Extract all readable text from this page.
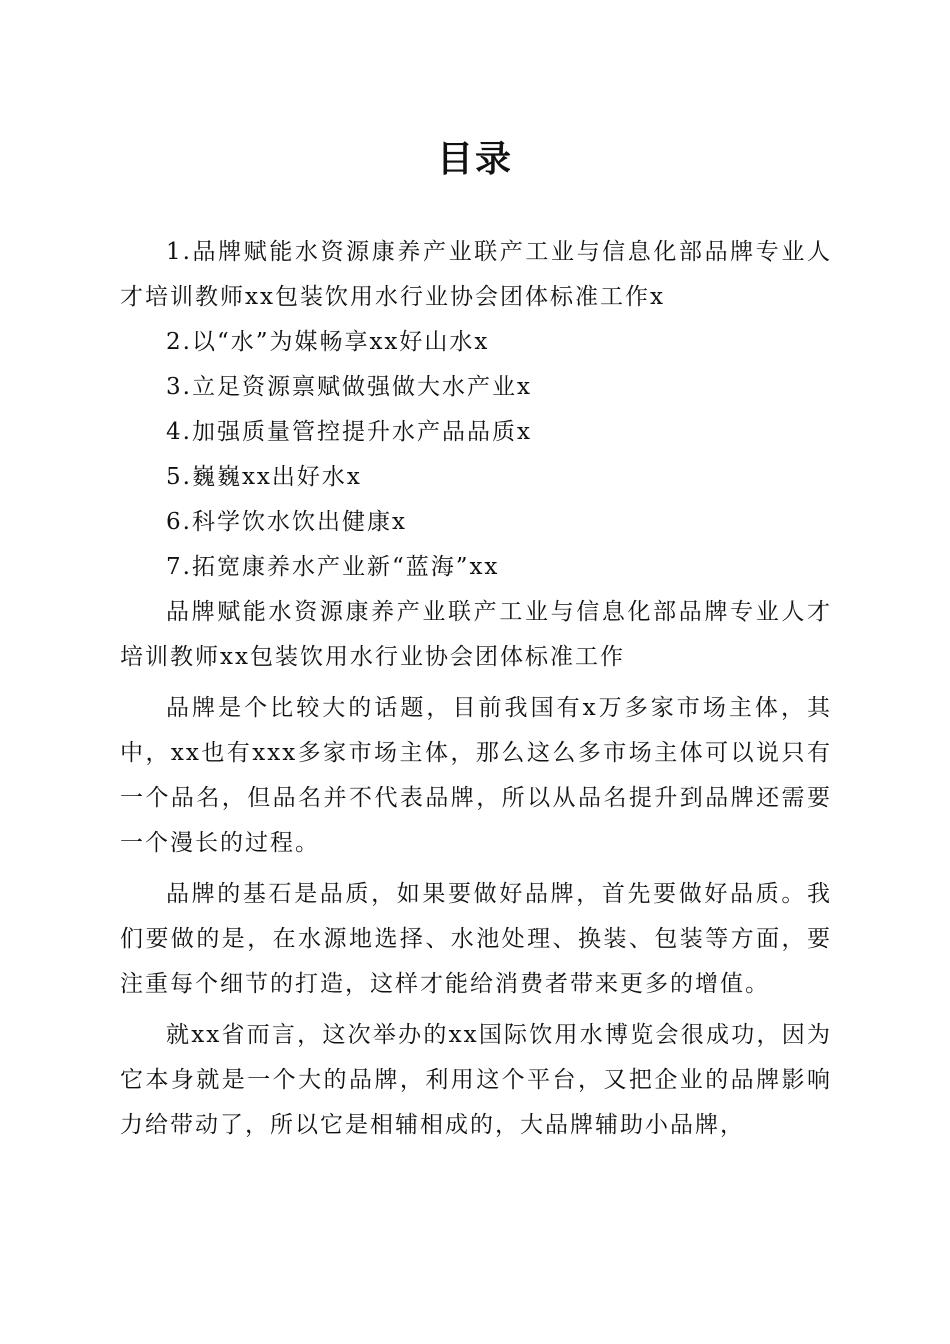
目录

1.品牌赋能水资源康养产业联产工业与信息化部品牌专业人才培训教师xx包装饮用水行业协会团体标准工作x

2.以“水”为媒畅享xx好山水x

3.立足资源禀赋做强做大水产业x

4.加强质量管控提升水产品品质x

5.巍巍xx出好水x

6.科学饮水饮出健康x

7.拓宽康养水产业新“蓝海”xx

品牌赋能水资源康养产业联产工业与信息化部品牌专业人才培训教师xx包装饮用水行业协会团体标准工作

品牌是个比较大的话题，目前我国有x万多家市场主体，其中，xx也有xxx多家市场主体，那么这么多市场主体可以说只有一个品名，但品名并不代表品牌，所以从品名提升到品牌还需要一个漫长的过程。

品牌的基石是品质，如果要做好品牌，首先要做好品质。我们要做的是，在水源地选择、水池处理、换装、包装等方面，要注重每个细节的打造，这样才能给消费者带来更多的增值。

就xx省而言，这次举办的xx国际饮用水博览会很成功，因为它本身就是一个大的品牌，利用这个平台，又把企业的品牌影响力给带动了，所以它是相辅相成的，大品牌辅助小品牌，
